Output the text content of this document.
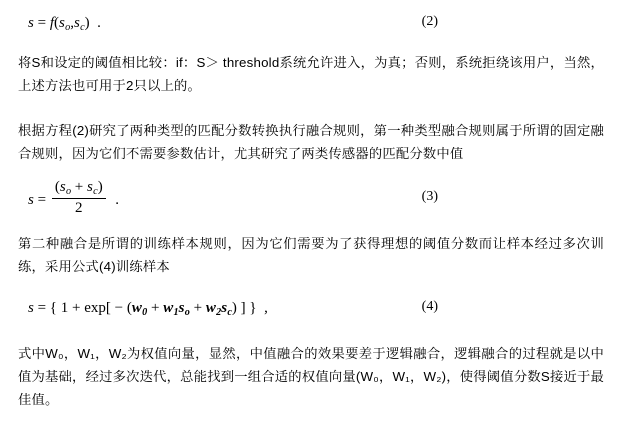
$s = f(s_o,s_c)$  .	(2)
将S和设定的阈值相比较：if：S＞ threshold系统允许进入，为真；否则，系统拒绕该用户，当然，上述方法也可用于2只以上的。
根据方程(2)研究了两种类型的匹配分数转换执行融合规则，第一种类型融合规则属于所谓的固定融合规则，因为它们不需要参数估计，尤其研究了两类传感器的匹配分数中值
$s = \frac{(s_o + s_c)}{2}$ .	(3)
第二种融合是所谓的训练样本规则，因为它们需要为了获得理想的阈值分数而让样本经过多次训练，采用公式(4)训练样本
s = { $1 + \exp[ - (w_0 + w_1s_o + w_2s_c)$ ] }  ,	(4)
式中W₀，W₁，W₂为权值向量，显然，中值融合的效果要差于逻辑融合，逻辑融合的过程就是以中值为基础，经过多次迭代，总能找到一组合适的权值向量(W₀，W₁，W₂)，使得阈值分数S接近于最佳值。
